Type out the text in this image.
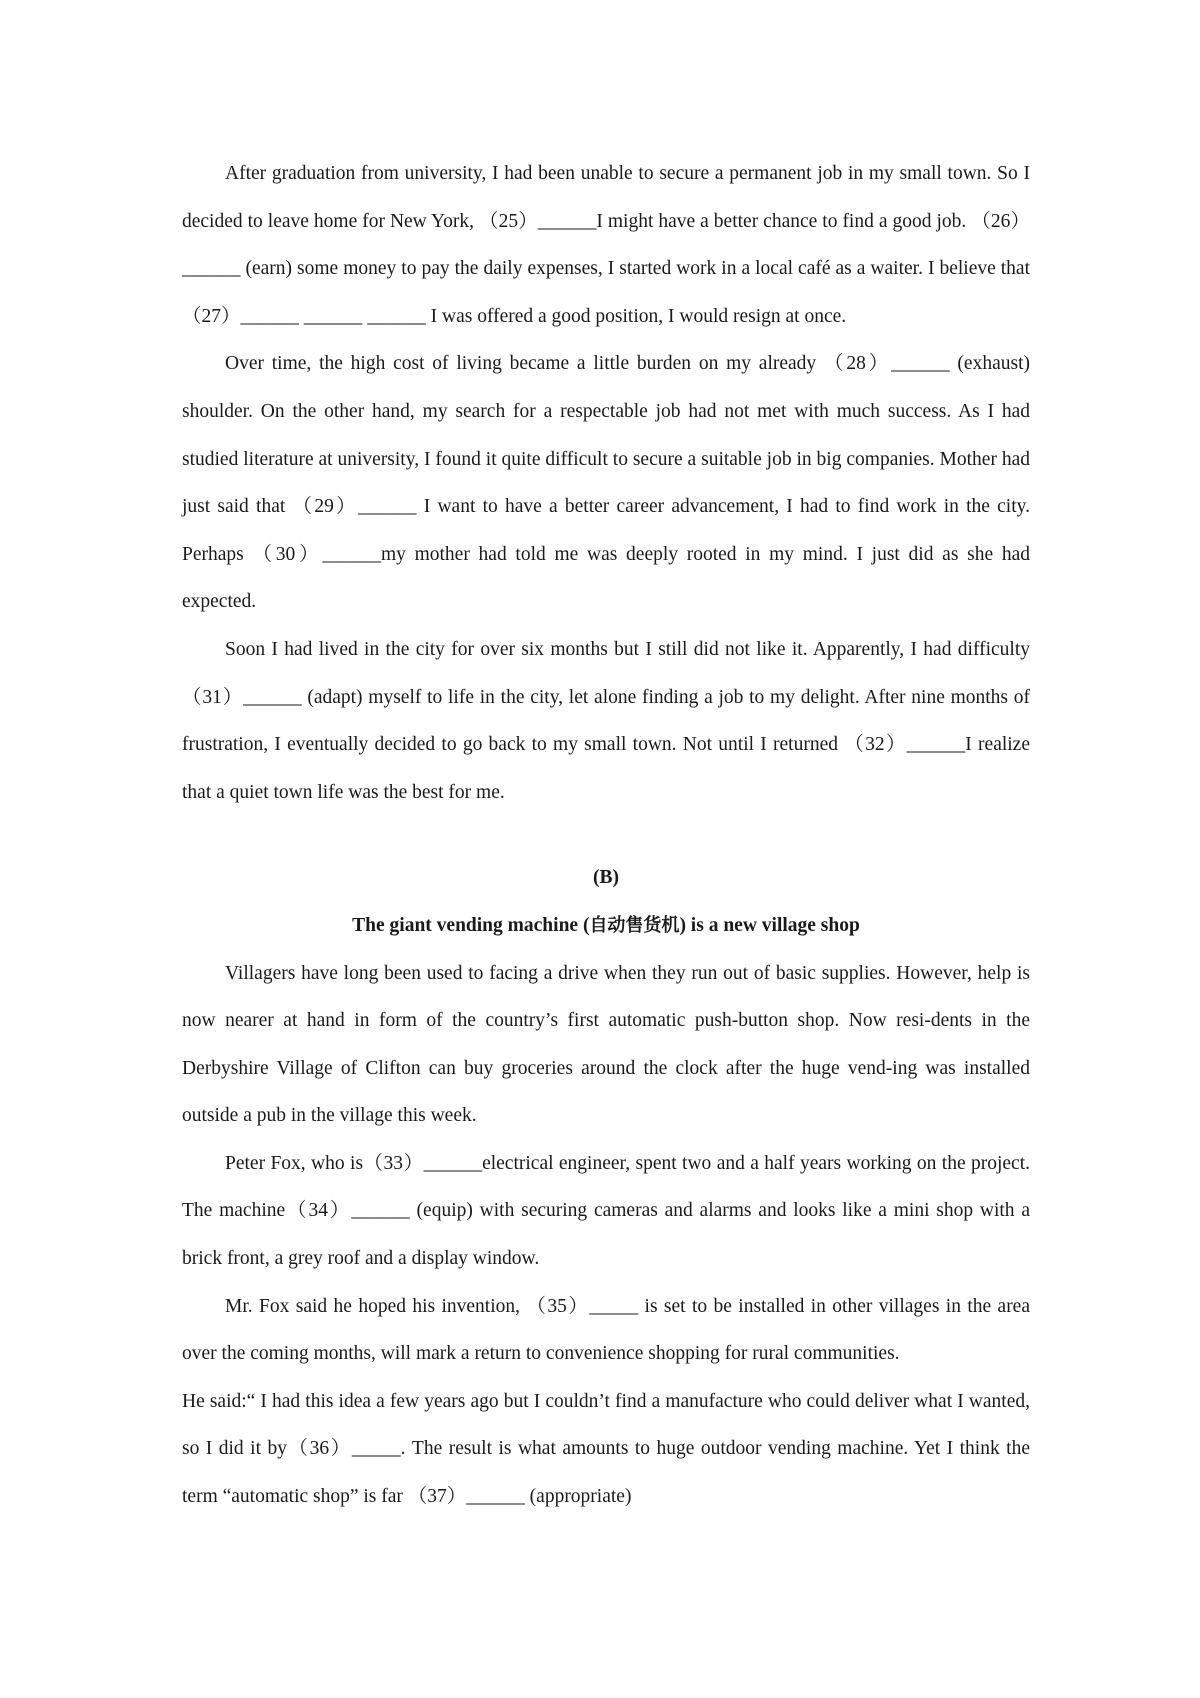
After graduation from university, I had been unable to secure a permanent job in my small town. So I decided to leave home for New York, （25）______I might have a better chance to find a good job. （26）______ (earn) some money to pay the daily expenses, I started work in a local café as a waiter. I believe that（27）______ ______ ______ I was offered a good position, I would resign at once.

Over time, the high cost of living became a little burden on my already （28）______ (exhaust) shoulder. On the other hand, my search for a respectable job had not met with much success. As I had studied literature at university, I found it quite difficult to secure a suitable job in big companies. Mother had just said that （29）______ I want to have a better career advancement, I had to find work in the city. Perhaps （30）______my mother had told me was deeply rooted in my mind. I just did as she had expected.

Soon I had lived in the city for over six months but I still did not like it. Apparently, I had difficulty （31）______ (adapt) myself to life in the city, let alone finding a job to my delight. After nine months of frustration, I eventually decided to go back to my small town. Not until I returned （32）______I realize that a quiet town life was the best for me.

(B)

The giant vending machine (自动售货机) is a new village shop

Villagers have long been used to facing a drive when they run out of basic supplies. However, help is now nearer at hand in form of the country’s first automatic push-button shop. Now resi-dents in the Derbyshire Village of Clifton can buy groceries around the clock after the huge vend-ing was installed outside a pub in the village this week.

Peter Fox, who is（33）______electrical engineer, spent two and a half years working on the project. The machine（34）______ (equip) with securing cameras and alarms and looks like a mini shop with a brick front, a grey roof and a display window.

Mr. Fox said he hoped his invention, （35）_____ is set to be installed in other villages in the area over the coming months, will mark a return to convenience shopping for rural communities.

He said:“ I had this idea a few years ago but I couldn’t find a manufacture who could deliver what I wanted, so I did it by（36）_____. The result is what amounts to huge outdoor vending machine. Yet I think the term “automatic shop” is far （37）______ (appropriate)
